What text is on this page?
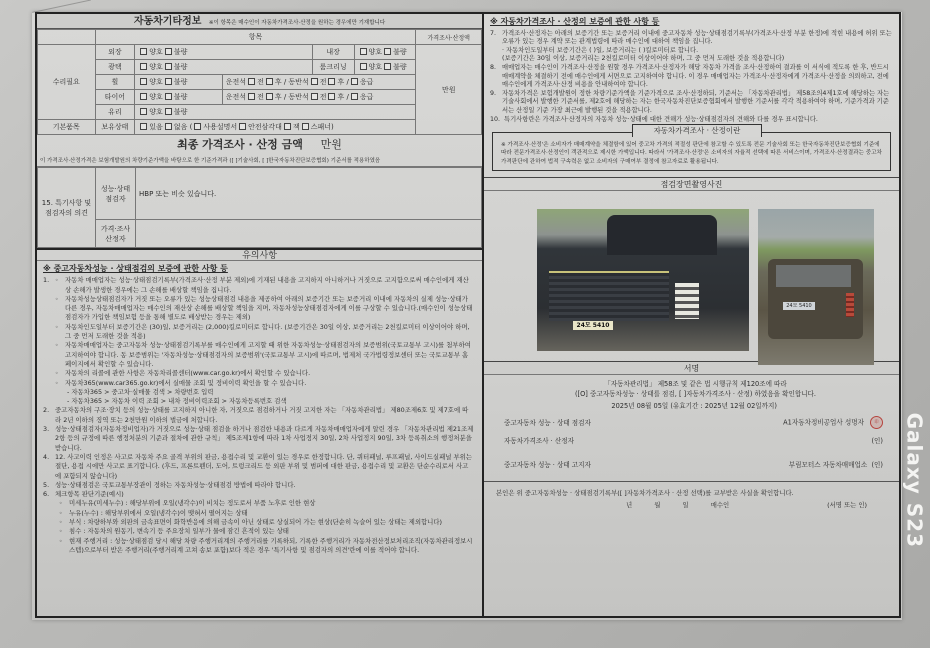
자동차기타정보 ※이 항목은 매수인이 자동차가격조사·산정을 원하는 경우에만 기재합니다
	항목					가격조사·산정액
수리필요	외장	양호 불량		내장	양호 불량	만원
	광택	양호 불량		룸크리닝	양호 불량	
	휠	양호 불량	운전석 전 후 / 동반석 전 후 / 응급			
	타이어	양호 불량	운전석 전 후 / 동반석 전 후 / 응급			
	유리	양호 불량				
기본품목	보유상태	있음 없음 ( 사용설명서 안전삼각대 잭 스패너)				
최종 가격조사 · 산정 금액 만원
이 가격조사·산정가격은 보험개발원의 차량기준가액을 바탕으로 한 기준가격과 ([ ]기술사회, [ ]한국자동차진단보증협회) 기준서를 적용하였음
15. 특기사항 및 점검자의 의견	성능·상태 점검자	HBP 또는 비슷 있습니다.
	가격·조사 산정자	
유의사항
※ 중고자동차성능 · 상태점검의 보증에 관한 사항 등
1. ◦	자동차 매매업자는 성능·상태점검기록부(가격조사·산정 부분 제외)에 기재된 내용을 고지하지 아니하거나 거짓으로 고지함으로써 매수인에게 재산상 손해가 발생한 경우에는 그 손해를 배상할 책임을 집니다.
◦	자동차성능상태점검자가 거짓 또는 오류가 있는 성능상태점검 내용을 제공하여 아래의 보증기간 또는 보증거리 이내에 자동차의 실제 성능·상태가 다른 경우, 자동차매매업자는 매수인의 재산상 손해를 배상할 책임을 지며, 자동차성능상태점검자에게 이를 구상할 수 있습니다.(매수인이 성능상태점검자가 가입한 책임보험 등을 통해 별도로 배상받는 경우는 제외)
◦	자동차인도일부터 보증기간은 (30)일, 보증거리는 (2,000)킬로미터로 합니다. (보증기간은 30일 이상, 보증거리는 2천킬로미터 이상이어야 하며, 그 중 먼저 도래한 것을 적용)
◦	자동차매매업자는 중고자동차 성능·상태점검기록부를 매수인에게 고지할 때 위한 자동차성능·상태점검자의 보증범위(국토교통부 고시)를 첨부하여 고지하여야 합니다. 동 보증범위는 '자동차성능·상태점검자의 보증범위'(국토교통부 고시)에 따르며, 법제처 국가법령정보센터 또는 국토교통부 홈페이지에서 확인할 수 있습니다.
◦	자동차의 리콜에 관한 사항은 자동차리콜센터(www.car.go.kr)에서 확인할 수 있습니다.
◦	자동차365(www.car365.go.kr)에서 실매물 조회 및 정비이력 확인을 할 수 있습니다.
- 자동차365 > 중고차·실매물 검색 > 차량번호 입력
- 자동차365 > 자동차 이력 조회 > 내차 정비이력조회 > 자동차등록번호 검색
2. 중고자동차의 구조·장치 등의 성능·상태를 고지하지 아니한 자, 거짓으로 점검하거나 거짓 고지한 자는 「자동차관리법」 제80조제6호 및 제7호에 따라 2년 이하의 징역 또는 2천만원 이하의 벌금에 처합니다.
3. 성능·상태점검자(자동차정비업자)가 거짓으로 성능·상태 점검을 하거나 점검한 내용과 다르게 자동차매매업자에게 알린 경우 「자동차관리법 제21조제2항 등의 규정에 따른 행정처분의 기준과 절차에 관한 규칙」 제5조제1항에 따라 1차 사업정지 30일, 2차 사업정지 90일, 3차 등록취소의 행정처분을 받습니다.
4. 12. 사고이력 인정은 사고로 자동차 주요 골격 부위의 판금, 용접수리 및 교환이 있는 경우로 한정합니다. 단, 쿼터패널, 루프패널, 사이드실패널 부위는 절단, 용접 시에만 사고로 표기합니다. (후드, 프론트펜더, 도어, 트렁크리드 등 외판 부위 및 범퍼에 대한 판금, 용접수리 및 교환은 단순수리로서 사고에 포함되지 않습니다)
5. 성능·상태점검은 국토교통부장관이 정하는 자동차성능·상태점검 방법에 따라야 합니다.
6. 체크항목 판단기준(예시)
◦	미세누유(미세누수) : 해당부위에 오일(냉각수)이 비치는 정도로서 부품 노후로 인한 현상
◦	누유(누수) : 해당부위에서 오일(냉각수)이 맺혀서 떨어지는 상태
◦	부식 : 차량하부와 외판의 금속표면이 화학반응에 의해 금속이 아닌 상태로 상실되어 가는 현상(단순히 녹슬어 있는 상태는 제외합니다)
◦	침수 : 자동차의 원동기, 변속기 등 주요장치 일부가 물에 잠긴 흔적이 있는 상태
◦	현재 주행거리 : 성능·상태점검 당시 해당 차량 주행거리계의 주행거리를 기록하되, 기록한 주행거리가 자동차전산정보처리조직(자동차관리정보시스템)으로부터 받은 주행거리(주행거리계 고쳐 송보 포함)보다 적은 경우 '특기사항 및 점검자의 의견'란에 이를 적어야 합니다.
※ 자동차가격조사 · 산정의 보증에 관한 사항 등
7. 가격조사·산정자는 아래의 보증기간 또는 보증거리 이내에 중고자동차 성능·상태점검기록부(가격조사·산정 부분 한정)에 적힌 내용에 허위 또는 오류가 있는 경우 계약 또는 관계법령에 따라 매수인에 대하여 책임을 집니다.
· 자동차인도일부터 보증기간은 ( )일, 보증거리는 ( )킬로미터로 합니다.
(보증기간은 30일 이상, 보증거리는 2천킬로미터 이상이어야 하며, 그 중 먼저 도래한 것을 적용합니다)
8. 매매업자는 매수인이 가격조사·산정을 원할 경우 가격조사·산정자가 해당 자동차 가격을 조사·산정하여 결과를 이 서식에 적도록 한 후, 반드시 매매계약을 체결하기 전에 매수인에게 서면으로 고지하여야 합니다. 이 경우 매매업자는 가격조사·산정자에게 가격조사·산정을 의뢰하고, 전에 매수인에게 가격조사·산정 비용을 안내하여야 합니다.
9. 자동차가격은 보험개발원이 정한 차량기준가액을 기준가격으로 조사·산정하되, 기준서는 「자동차관리법」 제58조의4제1호에 해당하는 자는 기술사회에서 발행한 기준서를, 제2호에 해당하는 자는 한국자동차진단보증협회에서 발행한 기준서를 각각 적용하여야 하며, 기준가격과 기준서는 산정일 기준 가장 최근에 발행된 것을 적용합니다.
10. 특기사항란은 가격조사·산정자의 자동차 성능·상태에 대한 견해가 성능·상태점검자의 견해와 다를 경우 표시합니다.
자동차가격조사 · 산정이란
※ 가격조사·산정'은 소비자가 매매계약을 체결함에 있어 중고차 가격의 적절성 판단에 참고할 수 있도록 전문 기술사회 또는 한국자동차진단보증협회 기준에 따라 전문가격조사·산정인이 객관적으로 제시한 가액입니다. 따라서 '가격조사·산정'은 소비자의 자율적 선택에 따른 서비스이며, 가격조사·산정결과는 중고차 가격판단에 관하여 법적 구속력은 없고 소비자의 구매여부 결정에 참고자료로 활용됩니다.
점검장면촬영사진
24모 5410
24모 5410
서명
「자동차관리법」 제58조 및 같은 법 시행규칙 제120조에 따라
([O] 중고자동차성능 · 상태를 점검, [ ]자동차가격조사 · 산정) 하였음을 확인합니다.
2025년 08월 05일 (유효기간 : 2025년 12월 02일까지)
중고자동차 성능 · 상태 점검자	A1자동차정비공업사 성명자	印
자동차가격조사 · 산정자	(인)
중고자동차 성능 · 상태 고지자	부림모터스 자동차매매업소 (인)
본인은 위 중고자동차성능 · 상태점검기록부([ ]자동차가격조사 · 산정 선택)를 교부받은 사실을 확인합니다.
년	월	일	매수인	(서명 또는 인) Galaxy S23
